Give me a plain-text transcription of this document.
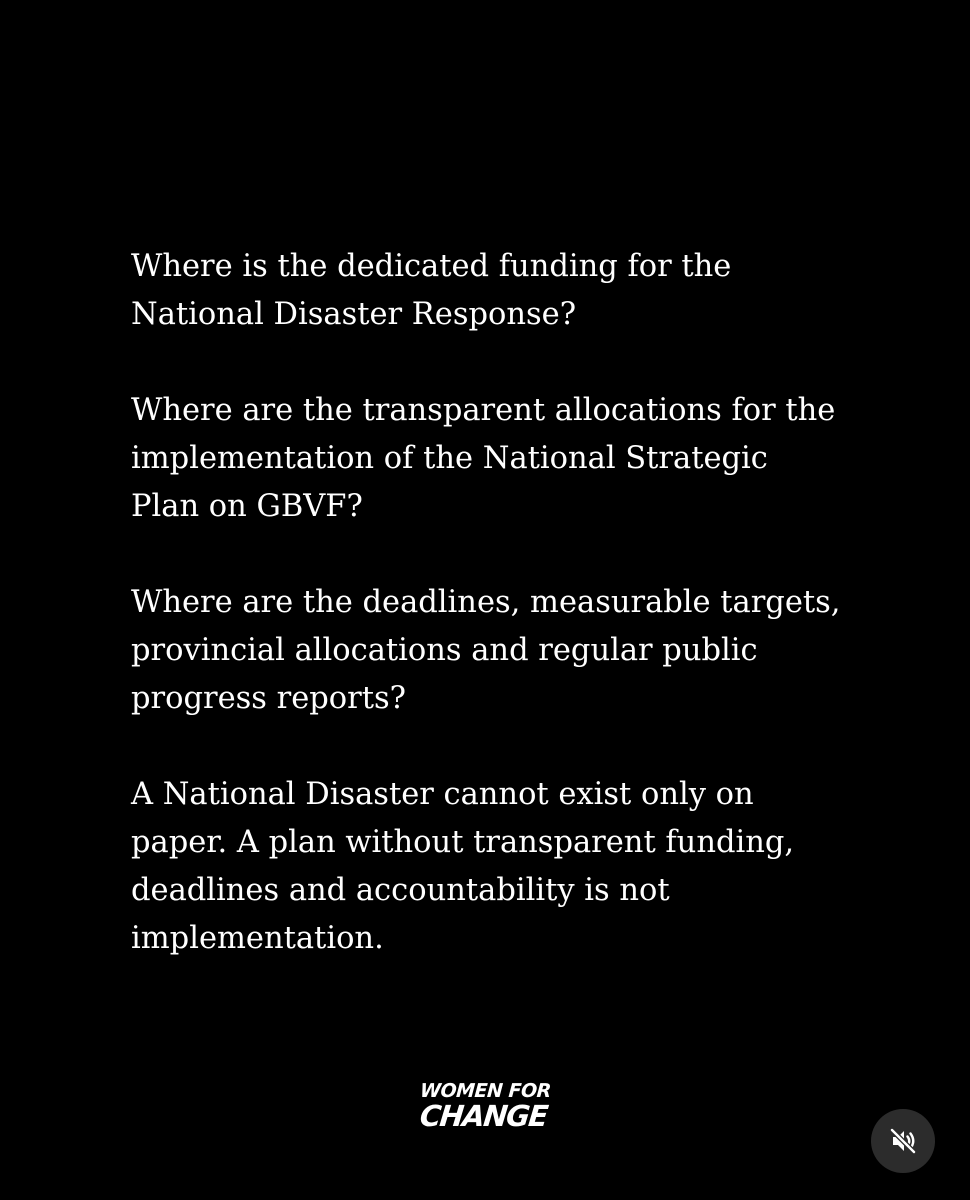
Where is the dedicated funding for the
National Disaster Response?

Where are the transparent allocations for the
implementation of the National Strategic
Plan on GBVF?

Where are the deadlines, measurable targets,
provincial allocations and regular public
progress reports?

A National Disaster cannot exist only on
paper. A plan without transparent funding,
deadlines and accountability is not
implementation.

WOMEN FOR
CHANGE
